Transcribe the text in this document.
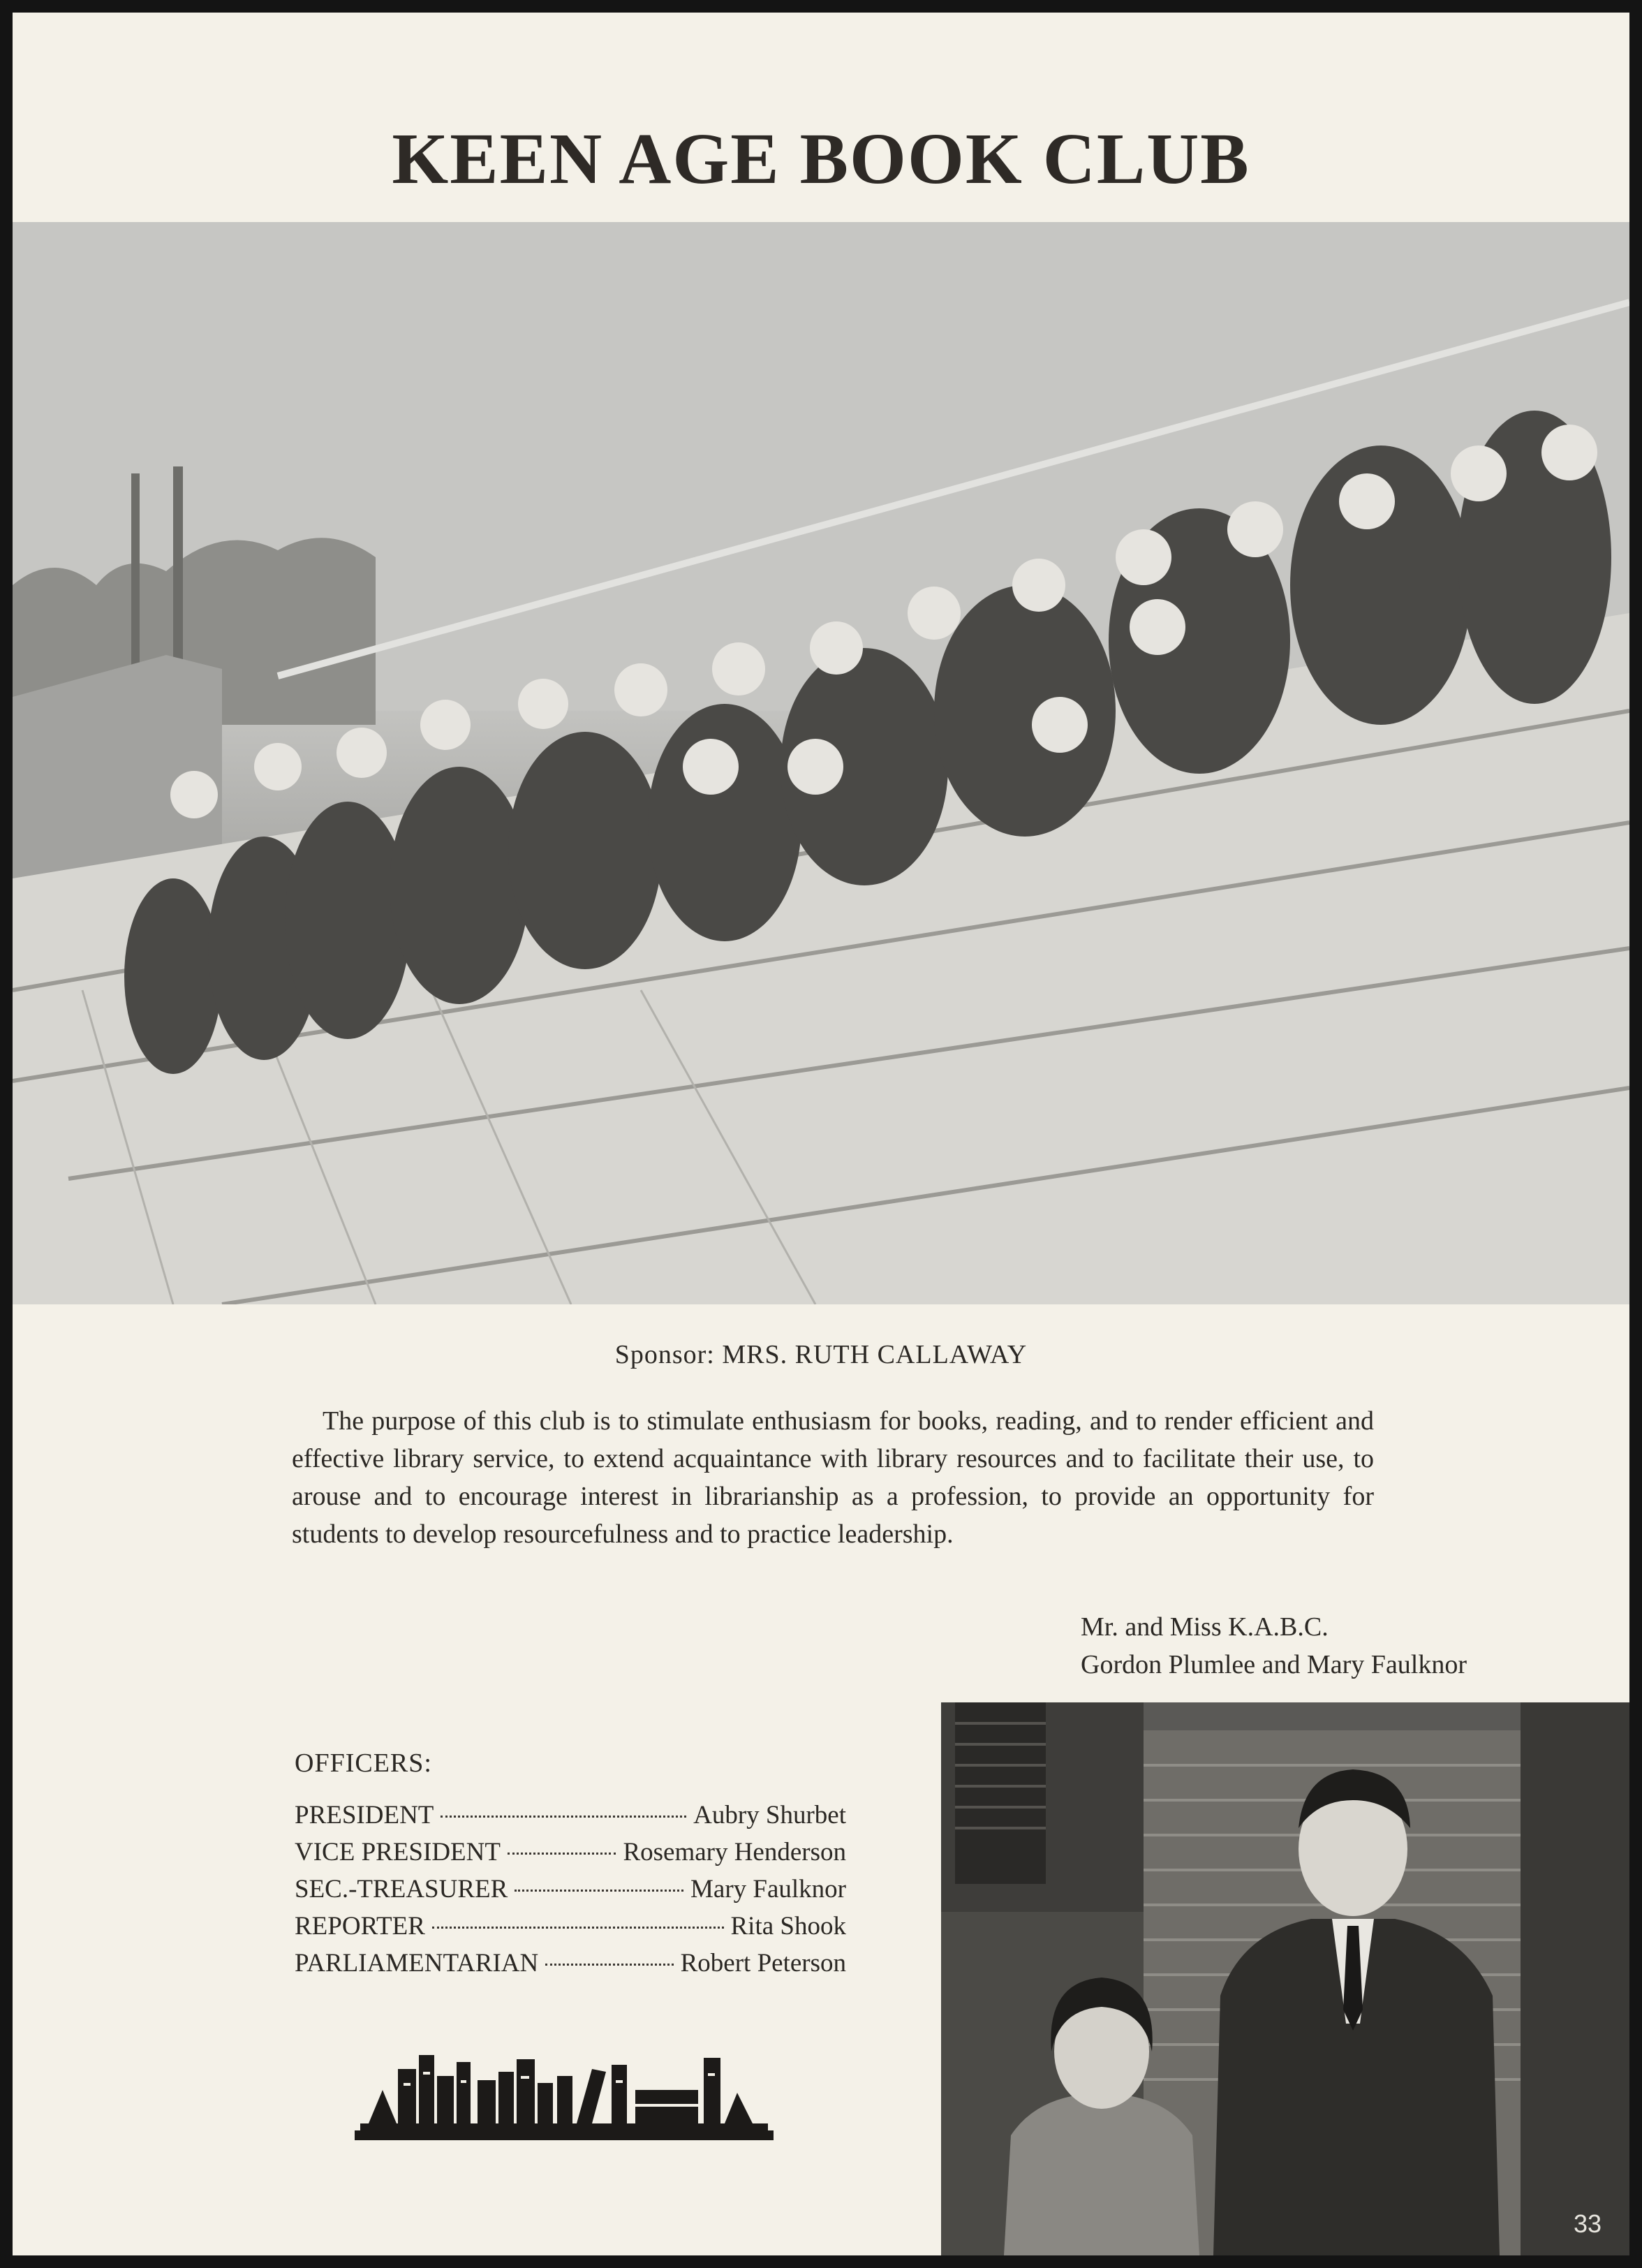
KEEN AGE BOOK CLUB
Sponsor: MRS. RUTH CALLAWAY
The purpose of this club is to stimulate enthusiasm for books, reading, and to render efficient and effective library service, to extend acquaintance with library resources and to facilitate their use, to arouse and to encourage interest in librarianship as a profession, to provide an opportunity for students to develop resourcefulness and to practice leadership.
Mr. and Miss K.A.B.C.
Gordon Plumlee and Mary Faulknor
OFFICERS:
PRESIDENT	Aubry Shurbet
VICE PRESIDENT	Rosemary Henderson
SEC.-TREASURER	Mary Faulknor
REPORTER	Rita Shook
PARLIAMENTARIAN	Robert Peterson
33
